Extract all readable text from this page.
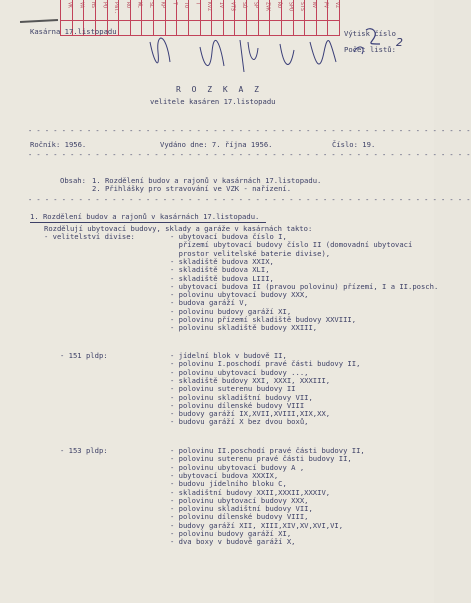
VK	VA	HS	PO	Pal.	RO	WL	SL	KP	T	TO	T	KVZ	IV	VTS	SÚ	SP	ZVK	ŘO	SPO	STS	NV	PV	VZ
Kasárna 17.listopadu	Výtisk číslo
Počet listů:
2
R O Z K A Z
velitele kasáren 17.listopadu
- - - - - - - - - - - - - - - - - - - - - - - - - - - - - - - - - - - - - - - - - - - - - - - - - - - - -
Ročník: 1956.	Vydáno dne: 7. října 1956.	Číslo: 19.
- - - - - - - - - - - - - - - - - - - - - - - - - - - - - - - - - - - - - - - - - - - - - - - - - - - - -
Obsah: 1. Rozdělení budov a rajonů v kasárnách 17.listopadu.
2. Přihlášky pro stravování ve VZK - nařízení.
- - - - - - - - - - - - - - - - - - - - - - - - - - - - - - - - - - - - - - - - - - - - - - - - - - - - -
1. Rozdělení budov a rajonů v kasárnách 17.listopadu.
Rozdělují ubytovací budovy, sklady a garáže v kasárnách takto:
- velitelství divise:	- ubytovací budova číslo I,
přízemí ubytovací budovy číslo II (domovadní ubytovací
prostor velitelské baterie divise),
- skladiště budova XXIX,
- skladiště budova XLI,
- skladiště budova LIII,
- ubytovací budova II (pravou polovinu) přízemí, I a II.posch.
- polovinu ubytovací budovy XXX,
- budova garáží V,
- polovinu budovy garáží XI,
- polovinu přízemí skladiště budovy XXVIII,
- polovinu skladiště budovy XXIII,
- 151 pldp:	- jídelní blok v budově II,
- polovinu I.poschodí pravé části budovy II,
- polovinu ubytovací budovy ...,
- skladiště budovy XXI, XXXI, XXXIII,
- polovinu suterenu budovy II
- polovinu skladištní budovy VII,
- polovinu dílenské budovy VIII
- budovy garáží IX,XVII,XVIII,XIX,XX,
- budovu garáží X bez dvou boxů,
- 153 pldp:	- polovinu II.poschodí pravé části budovy II,
- polovinu suterenu pravé části budovy II,
- polovinu ubytovací budovy A ,
- ubytovací budova XXXIX,
- budovu jídelního bloku C,
- skladištní budovy XXII,XXXII,XXXIV,
- polovinu ubytovací budovy XXX,
- polovinu skladištní budovy VII,
- polovinu dílenské budovy VIII,
- budovy garáží XII, XIII,XIV,XV,XVI,VI,
- polovinu budovy garáží XI,
- dva boxy v budově garáží X,
